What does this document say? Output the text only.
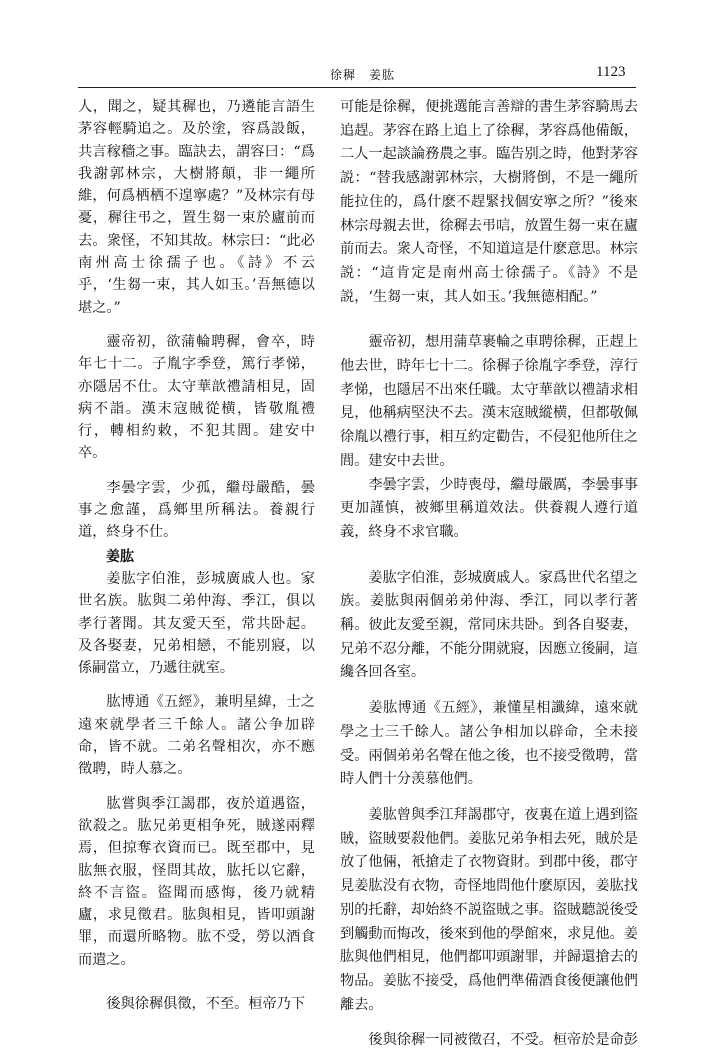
徐穉　姜肱	1123

人，聞之，疑其穉也，乃遴能言語生茅容輕騎追之。及於塗，容爲設飯，共言稼穡之事。臨訣去，謂容曰：“爲我謝郭林宗，大樹將顛，非一繩所維，何爲栖栖不遑寧處？”及林宗有母憂，穉往弔之，置生芻一束於廬前而去。衆怪，不知其故。林宗曰：“此必南州高士徐孺子也。《詩》不云乎，‘生芻一束，其人如玉。’吾無德以堪之。”

靈帝初，欲蒲輪聘穉，會卒，時年七十二。子胤字季登，篤行孝悌，亦隱居不仕。太守華歆禮請相見，固病不詣。漢末寇賊從横，皆敬胤禮行，轉相約敕，不犯其閭。建安中卒。

李曇字雲，少孤，繼母嚴酷，曇事之愈謹，爲鄉里所稱法。養親行道，終身不仕。

姜肱

姜肱字伯淮，彭城廣戚人也。家世名族。肱與二弟仲海、季江，俱以孝行著聞。其友愛天至，常共卧起。及各娶妻，兄弟相戀，不能别寢，以係嗣當立，乃遞往就室。

肱博通《五經》，兼明星緯，士之遠來就學者三千餘人。諸公争加辟命，皆不就。二弟名聲相次，亦不應徵聘，時人慕之。

肱嘗與季江謁郡，夜於道遇盜，欲殺之。肱兄弟更相争死，賊遂兩釋焉，但掠奪衣資而已。既至郡中，見肱無衣服，怪問其故，肱托以它辭，終不言盜。盜聞而感悔，後乃就精廬，求見徵君。肱與相見，皆叩頭謝罪，而還所略物。肱不受，勞以酒食而遣之。

後與徐穉俱徵，不至。桓帝乃下

可能是徐穉，便挑選能言善辯的書生茅容騎馬去追趕。茅容在路上追上了徐穉，茅容爲他備飯，二人一起談論務農之事。臨告别之時，他對茅容説：“替我感謝郭林宗，大樹將倒，不是一繩所能拉住的，爲什麽不趕緊找個安寧之所？”後來林宗母親去世，徐穉去弔唁，放置生芻一束在廬前而去。衆人奇怪，不知道這是什麽意思。林宗説：“這肯定是南州高士徐孺子。《詩》不是説，‘生芻一束，其人如玉。’我無德相配。”

靈帝初，想用蒲草裹輪之車聘徐穉，正趕上他去世，時年七十二。徐穉子徐胤字季登，淳行孝悌，也隱居不出來任職。太守華歆以禮請求相見，他稱病堅決不去。漢末寇賊縱横，但都敬佩徐胤以禮行事，相互約定勸告，不侵犯他所住之閭。建安中去世。

李曇字雲，少時喪母，繼母嚴厲，李曇事事更加謹慎，被鄉里稱道效法。供養親人遵行道義，終身不求官職。

姜肱字伯淮，彭城廣戚人。家爲世代名望之族。姜肱與兩個弟弟仲海、季江，同以孝行著稱。彼此友愛至親，常同床共卧。到各自娶妻，兄弟不忍分離，不能分開就寢，因應立後嗣，這纔各回各室。

姜肱博通《五經》，兼懂星相讖緯，遠來就學之士三千餘人。諸公争相加以辟命，全未接受。兩個弟弟名聲在他之後，也不接受徵聘，當時人們十分羡慕他們。

姜肱曾與季江拜謁郡守，夜裏在道上遇到盜賊，盜賊要殺他們。姜肱兄弟争相去死，賊於是放了他倆，衹搶走了衣物資財。到郡中後，郡守見姜肱没有衣物，奇怪地問他什麽原因，姜肱找别的托辭，却始終不説盜賊之事。盜賊聽説後受到觸動而悔改，後來到他的學館來，求見他。姜肱與他們相見，他們都叩頭謝罪，并歸還搶去的物品。姜肱不接受，爲他們準備酒食後便讓他們離去。

後與徐穉一同被徵召，不受。桓帝於是命彭
